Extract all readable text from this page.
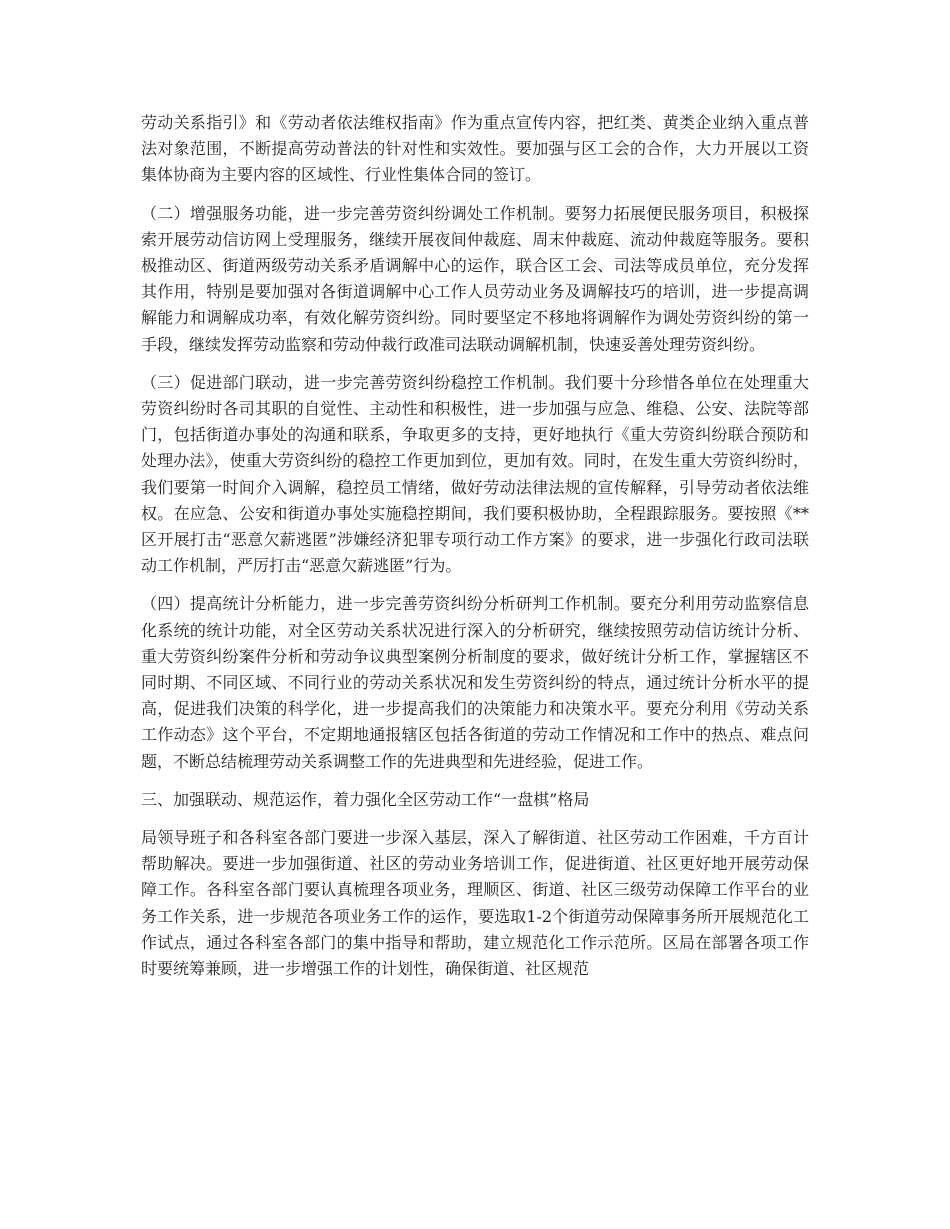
劳动关系指引》和《劳动者依法维权指南》作为重点宣传内容，把红类、黄类企业纳入重点普法对象范围，不断提高劳动普法的针对性和实效性。要加强与区工会的合作，大力开展以工资集体协商为主要内容的区域性、行业性集体合同的签订。

（二）增强服务功能，进一步完善劳资纠纷调处工作机制。要努力拓展便民服务项目，积极探索开展劳动信访网上受理服务，继续开展夜间仲裁庭、周末仲裁庭、流动仲裁庭等服务。要积极推动区、街道两级劳动关系矛盾调解中心的运作，联合区工会、司法等成员单位，充分发挥其作用，特别是要加强对各街道调解中心工作人员劳动业务及调解技巧的培训，进一步提高调解能力和调解成功率，有效化解劳资纠纷。同时要坚定不移地将调解作为调处劳资纠纷的第一手段，继续发挥劳动监察和劳动仲裁行政准司法联动调解机制，快速妥善处理劳资纠纷。

（三）促进部门联动，进一步完善劳资纠纷稳控工作机制。我们要十分珍惜各单位在处理重大劳资纠纷时各司其职的自觉性、主动性和积极性，进一步加强与应急、维稳、公安、法院等部门，包括街道办事处的沟通和联系，争取更多的支持，更好地执行《重大劳资纠纷联合预防和处理办法》，使重大劳资纠纷的稳控工作更加到位，更加有效。同时，在发生重大劳资纠纷时，我们要第一时间介入调解，稳控员工情绪，做好劳动法律法规的宣传解释，引导劳动者依法维权。在应急、公安和街道办事处实施稳控期间，我们要积极协助，全程跟踪服务。要按照《**区开展打击“恶意欠薪逃匿”涉嫌经济犯罪专项行动工作方案》的要求，进一步强化行政司法联动工作机制，严厉打击“恶意欠薪逃匿”行为。

（四）提高统计分析能力，进一步完善劳资纠纷分析研判工作机制。要充分利用劳动监察信息化系统的统计功能，对全区劳动关系状况进行深入的分析研究，继续按照劳动信访统计分析、重大劳资纠纷案件分析和劳动争议典型案例分析制度的要求，做好统计分析工作，掌握辖区不同时期、不同区域、不同行业的劳动关系状况和发生劳资纠纷的特点，通过统计分析水平的提高，促进我们决策的科学化，进一步提高我们的决策能力和决策水平。要充分利用《劳动关系工作动态》这个平台，不定期地通报辖区包括各街道的劳动工作情况和工作中的热点、难点问题，不断总结梳理劳动关系调整工作的先进典型和先进经验，促进工作。

三、加强联动、规范运作，着力强化全区劳动工作“一盘棋”格局

局领导班子和各科室各部门要进一步深入基层，深入了解街道、社区劳动工作困难，千方百计帮助解决。要进一步加强街道、社区的劳动业务培训工作，促进街道、社区更好地开展劳动保障工作。各科室各部门要认真梳理各项业务，理顺区、街道、社区三级劳动保障工作平台的业务工作关系，进一步规范各项业务工作的运作，要选取1-2个街道劳动保障事务所开展规范化工作试点，通过各科室各部门的集中指导和帮助，建立规范化工作示范所。区局在部署各项工作时要统筹兼顾，进一步增强工作的计划性，确保街道、社区规范
